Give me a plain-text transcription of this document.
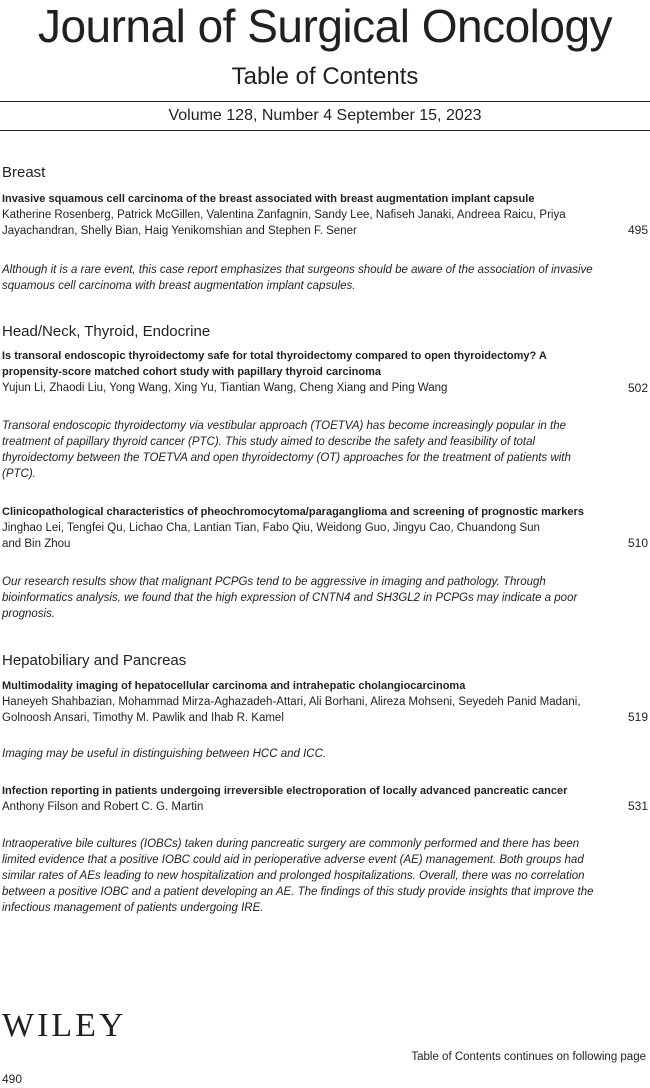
Journal of Surgical Oncology
Table of Contents
Volume 128, Number 4 September 15, 2023
Breast
Invasive squamous cell carcinoma of the breast associated with breast augmentation implant capsule
Katherine Rosenberg, Patrick McGillen, Valentina Zanfagnin, Sandy Lee, Nafiseh Janaki, Andreea Raicu, Priya Jayachandran, Shelly Bian, Haig Yenikomshian and Stephen F. Sener	495
Although it is a rare event, this case report emphasizes that surgeons should be aware of the association of invasive squamous cell carcinoma with breast augmentation implant capsules.
Head/Neck, Thyroid, Endocrine
Is transoral endoscopic thyroidectomy safe for total thyroidectomy compared to open thyroidectomy? A propensity-score matched cohort study with papillary thyroid carcinoma
Yujun Li, Zhaodi Liu, Yong Wang, Xing Yu, Tiantian Wang, Cheng Xiang and Ping Wang	502
Transoral endoscopic thyroidectomy via vestibular approach (TOETVA) has become increasingly popular in the treatment of papillary thyroid cancer (PTC). This study aimed to describe the safety and feasibility of total thyroidectomy between the TOETVA and open thyroidectomy (OT) approaches for the treatment of patients with (PTC).
Clinicopathological characteristics of pheochromocytoma/paraganglioma and screening of prognostic markers
Jinghao Lei, Tengfei Qu, Lichao Cha, Lantian Tian, Fabo Qiu, Weidong Guo, Jingyu Cao, Chuandong Sun and Bin Zhou	510
Our research results show that malignant PCPGs tend to be aggressive in imaging and pathology. Through bioinformatics analysis, we found that the high expression of CNTN4 and SH3GL2 in PCPGs may indicate a poor prognosis.
Hepatobiliary and Pancreas
Multimodality imaging of hepatocellular carcinoma and intrahepatic cholangiocarcinoma
Haneyeh Shahbazian, Mohammad Mirza-Aghazadeh-Attari, Ali Borhani, Alireza Mohseni, Seyedeh Panid Madani, Golnoosh Ansari, Timothy M. Pawlik and Ihab R. Kamel	519
Imaging may be useful in distinguishing between HCC and ICC.
Infection reporting in patients undergoing irreversible electroporation of locally advanced pancreatic cancer
Anthony Filson and Robert C. G. Martin	531
Intraoperative bile cultures (IOBCs) taken during pancreatic surgery are commonly performed and there has been limited evidence that a positive IOBC could aid in perioperative adverse event (AE) management. Both groups had similar rates of AEs leading to new hospitalization and prolonged hospitalizations. Overall, there was no correlation between a positive IOBC and a patient developing an AE. The findings of this study provide insights that improve the infectious management of patients undergoing IRE.
WILEY
Table of Contents continues on following page
490
